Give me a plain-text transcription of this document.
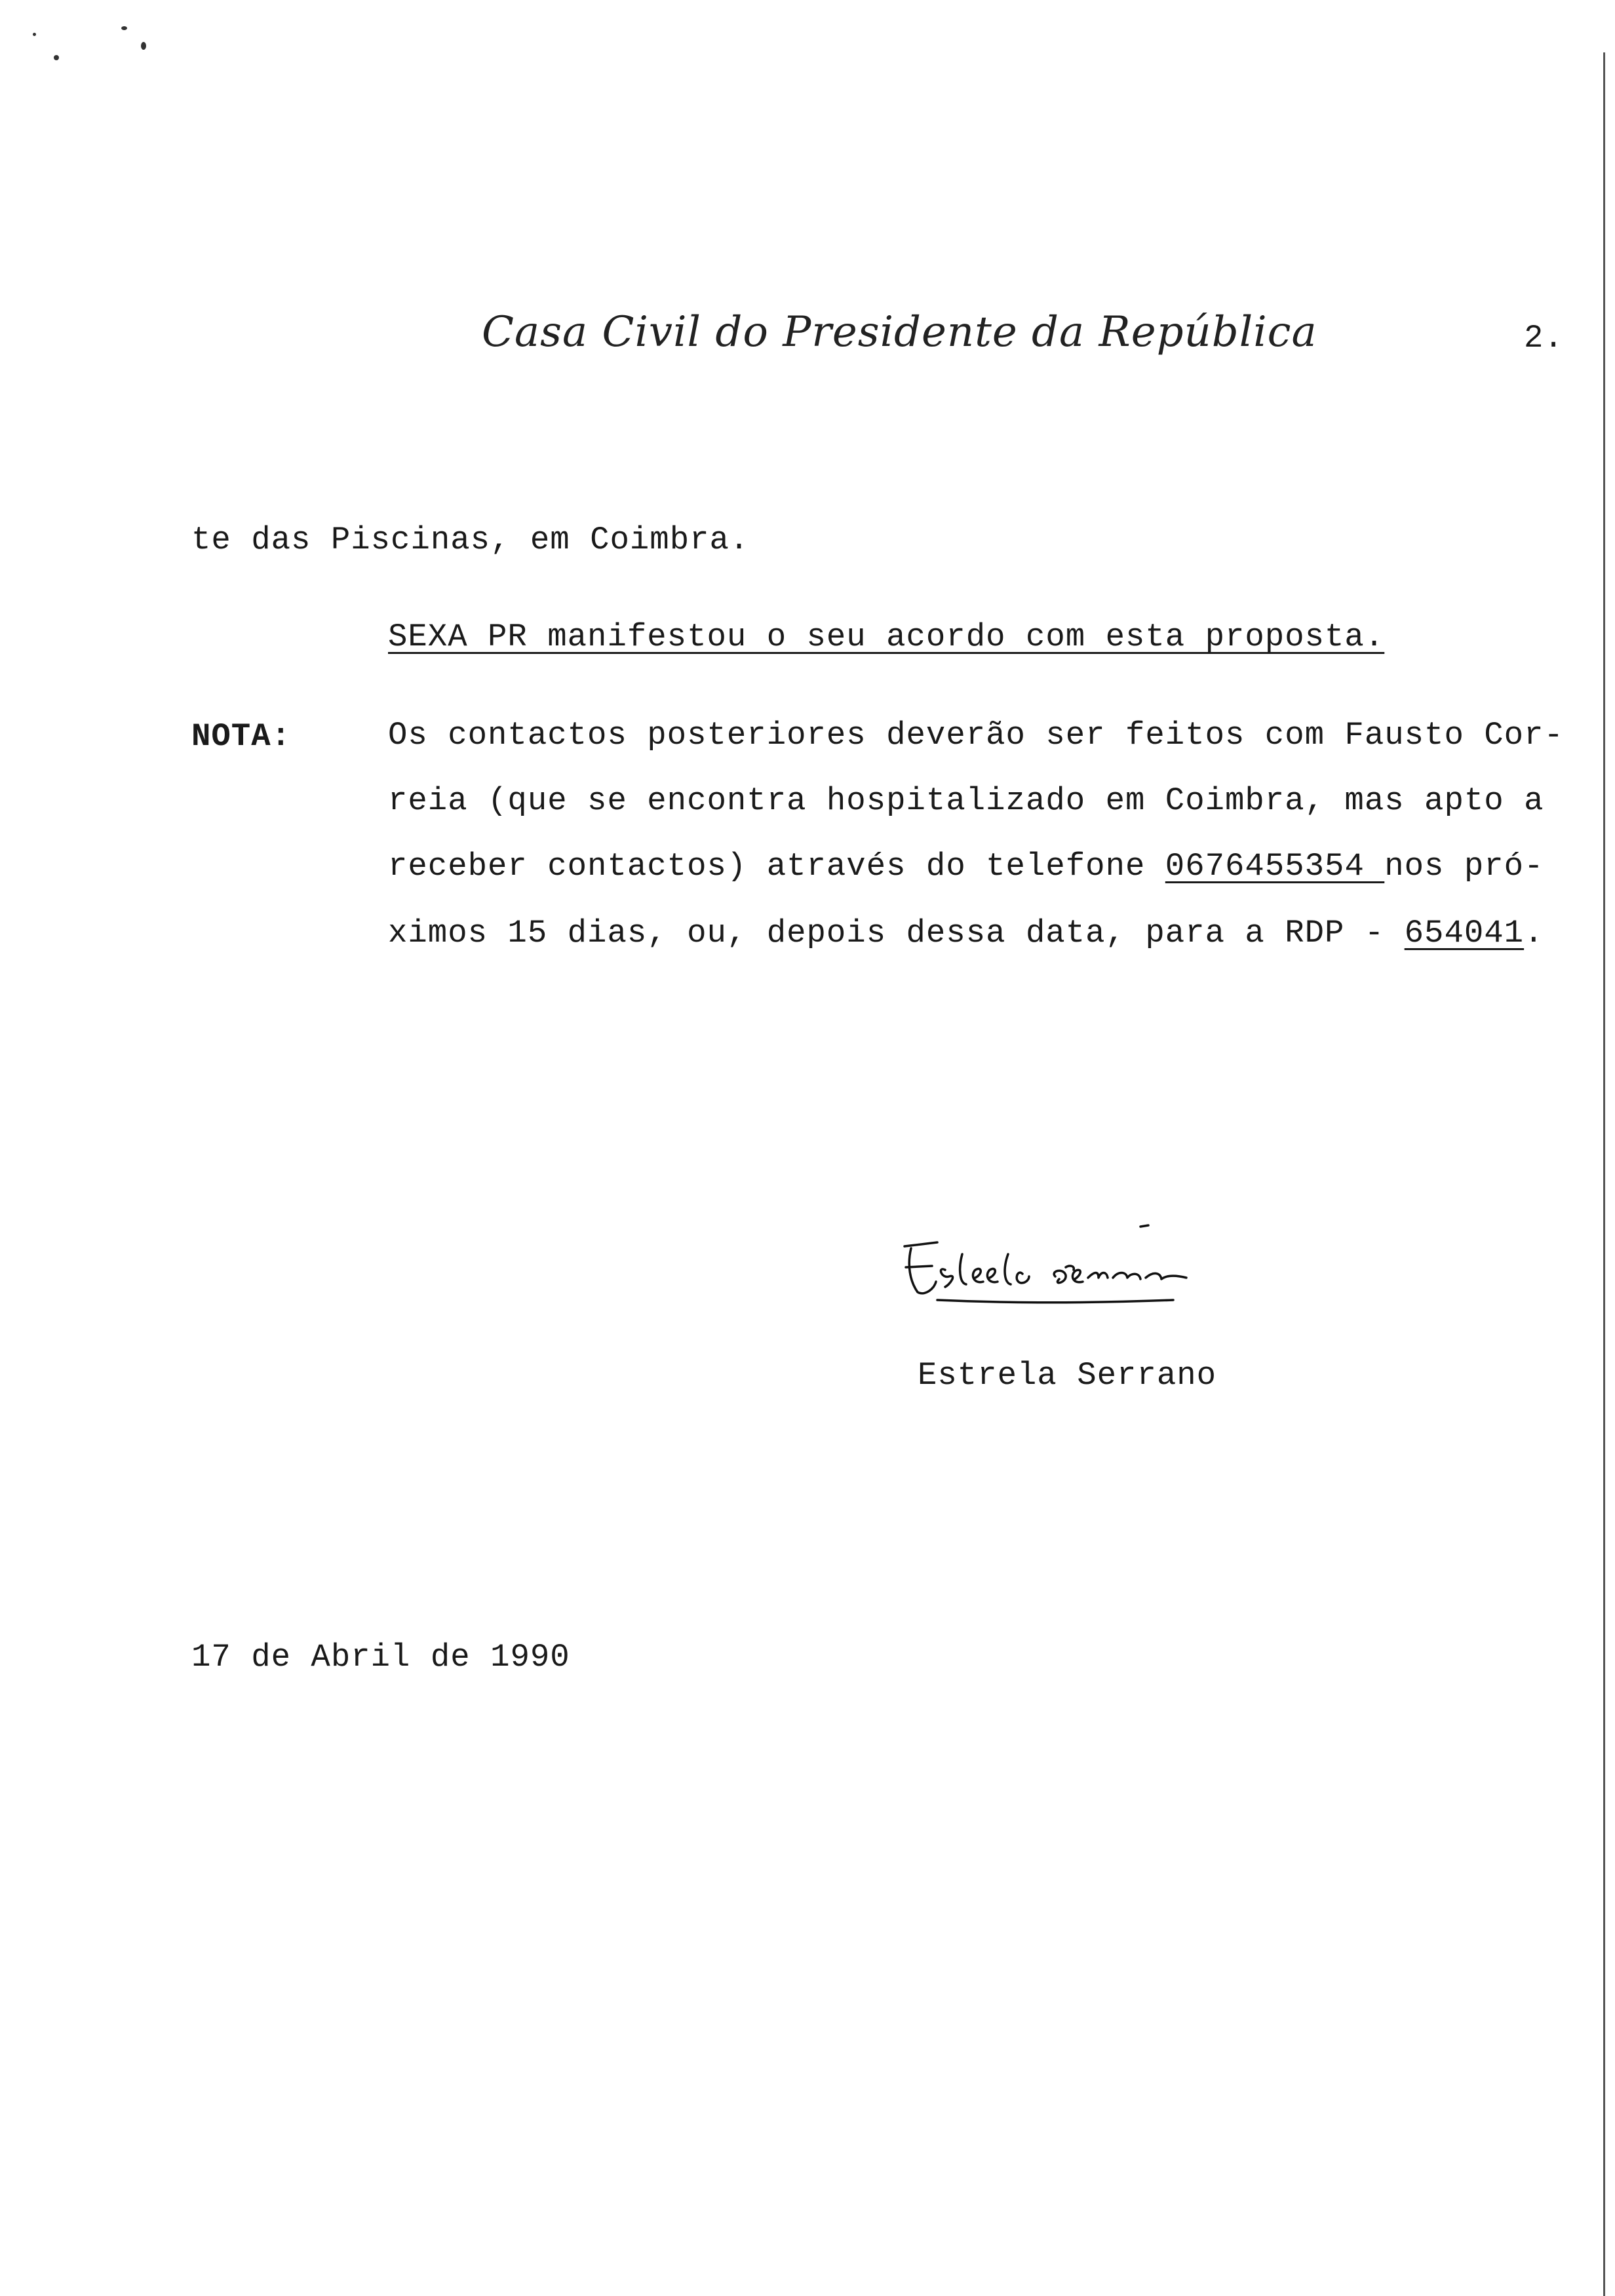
Casa Civil do Presidente da República	2.
te das Piscinas, em Coimbra.
SEXA PR manifestou o seu acordo com esta proposta.
NOTA:	Os contactos posteriores deverão ser feitos com Fausto Cor-
reia (que se encontra hospitalizado em Coimbra, mas apto a
receber contactos) através do telefone 0676455354 nos pró-
ximos 15 dias, ou, depois dessa data, para a RDP - 654041.
Estrela Serrano
17 de Abril de 1990
